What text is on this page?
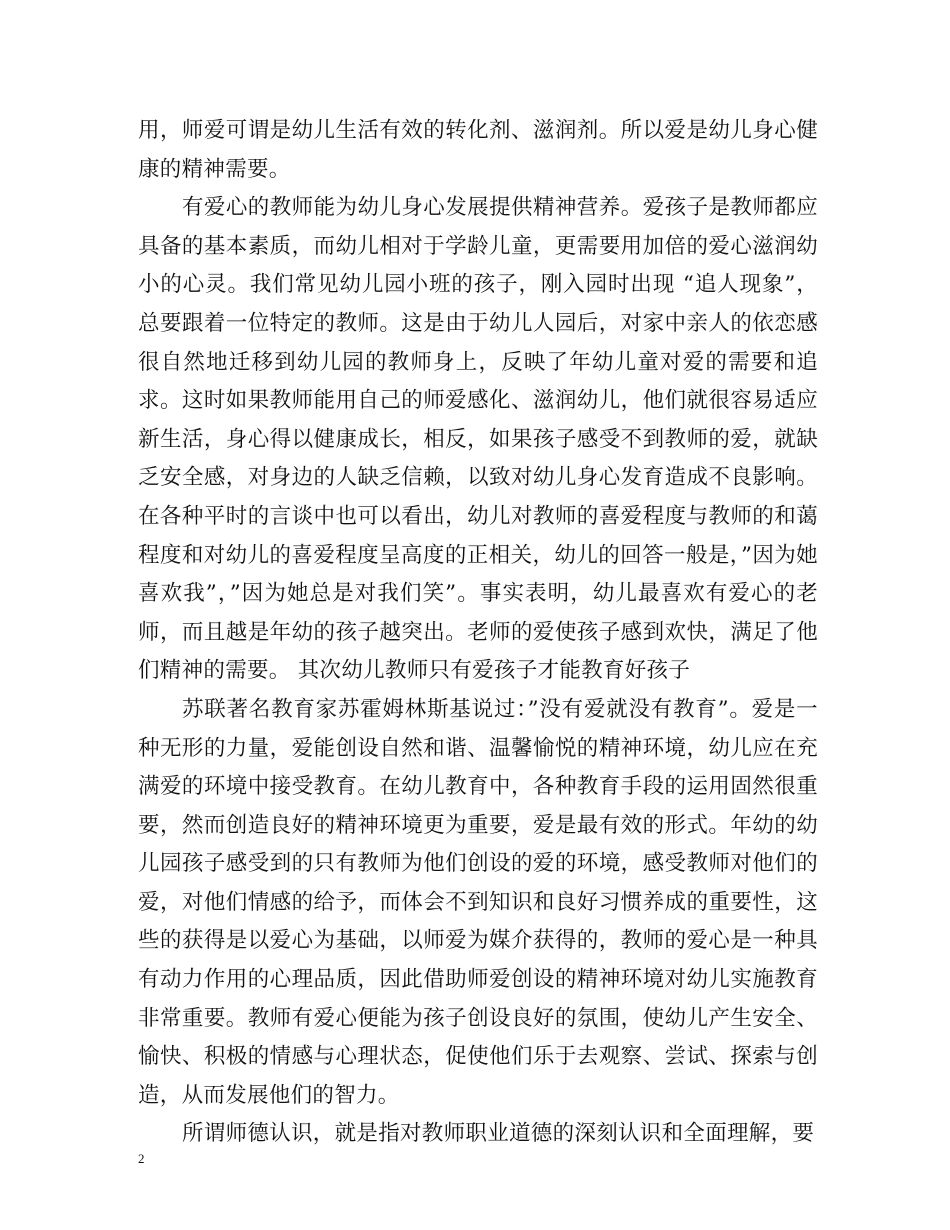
用，师爱可谓是幼儿生活有效的转化剂、滋润剂。所以爱是幼儿身心健康的精神需要。

有爱心的教师能为幼儿身心发展提供精神营养。爱孩子是教师都应具备的基本素质，而幼儿相对于学龄儿童，更需要用加倍的爱心滋润幼小的心灵。我们常见幼儿园小班的孩子，刚入园时出现 “追人现象”，总要跟着一位特定的教师。这是由于幼儿人园后，对家中亲人的依恋感很自然地迁移到幼儿园的教师身上，反映了年幼儿童对爱的需要和追求。这时如果教师能用自己的师爱感化、滋润幼儿，他们就很容易适应新生活，身心得以健康成长，相反，如果孩子感受不到教师的爱，就缺乏安全感，对身边的人缺乏信赖，以致对幼儿身心发育造成不良影响。在各种平时的言谈中也可以看出，幼儿对教师的喜爱程度与教师的和蔼程度和对幼儿的喜爱程度呈高度的正相关，幼儿的回答一般是，”因为她喜欢我”，”因为她总是对我们笑”。事实表明，幼儿最喜欢有爱心的老师，而且越是年幼的孩子越突出。老师的爱使孩子感到欢快，满足了他们精神的需要。 其次幼儿教师只有爱孩子才能教育好孩子

苏联著名教育家苏霍姆林斯基说过：”没有爱就没有教育”。爱是一种无形的力量，爱能创设自然和谐、温馨愉悦的精神环境，幼儿应在充满爱的环境中接受教育。在幼儿教育中，各种教育手段的运用固然很重要，然而创造良好的精神环境更为重要，爱是最有效的形式。年幼的幼儿园孩子感受到的只有教师为他们创设的爱的环境，感受教师对他们的爱，对他们情感的给予，而体会不到知识和良好习惯养成的重要性，这些的获得是以爱心为基础，以师爱为媒介获得的，教师的爱心是一种具有动力作用的心理品质，因此借助师爱创设的精神环境对幼儿实施教育非常重要。教师有爱心便能为孩子创设良好的氛围，使幼儿产生安全、愉快、积极的情感与心理状态，促使他们乐于去观察、尝试、探索与创造，从而发展他们的智力。

所谓师德认识，就是指对教师职业道德的深刻认识和全面理解，要

2
